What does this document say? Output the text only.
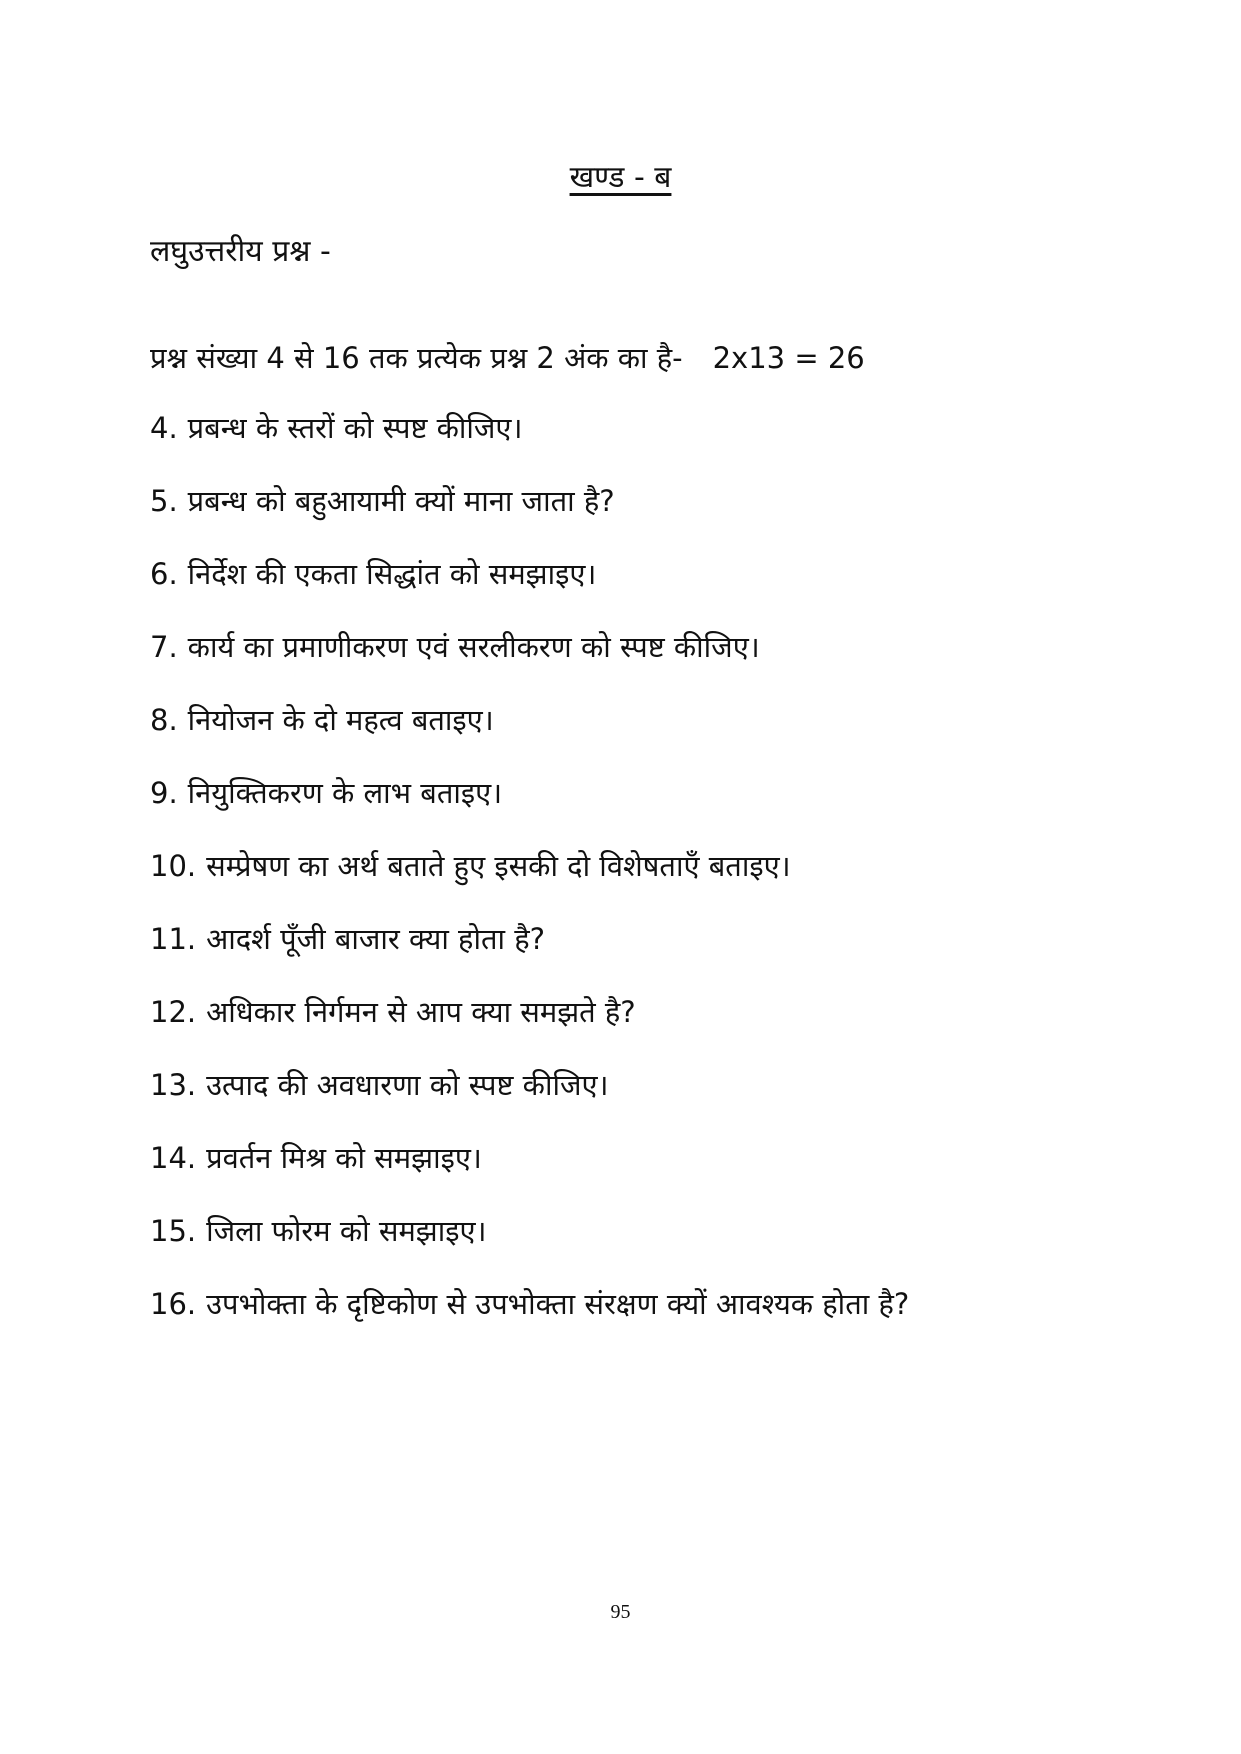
खण्ड - ब
लघुउत्तरीय प्रश्न -
प्रश्न संख्या 4 से 16 तक प्रत्येक प्रश्न 2 अंक का है- 2x13 = 26
4. प्रबन्ध के स्तरों को स्पष्ट कीजिए।
5. प्रबन्ध को बहुआयामी क्यों माना जाता है?
6. निर्देश की एकता सिद्धांत को समझाइए।
7. कार्य का प्रमाणीकरण एवं सरलीकरण को स्पष्ट कीजिए।
8. नियोजन के दो महत्व बताइए।
9. नियुक्तिकरण के लाभ बताइए।
10. सम्प्रेषण का अर्थ बताते हुए इसकी दो विशेषताएँ बताइए।
11. आदर्श पूँजी बाजार क्या होता है?
12. अधिकार निर्गमन से आप क्या समझते है?
13. उत्पाद की अवधारणा को स्पष्ट कीजिए।
14. प्रवर्तन मिश्र को समझाइए।
15. जिला फोरम को समझाइए।
16. उपभोक्ता के दृष्टिकोण से उपभोक्ता संरक्षण क्यों आवश्यक होता है?
95
